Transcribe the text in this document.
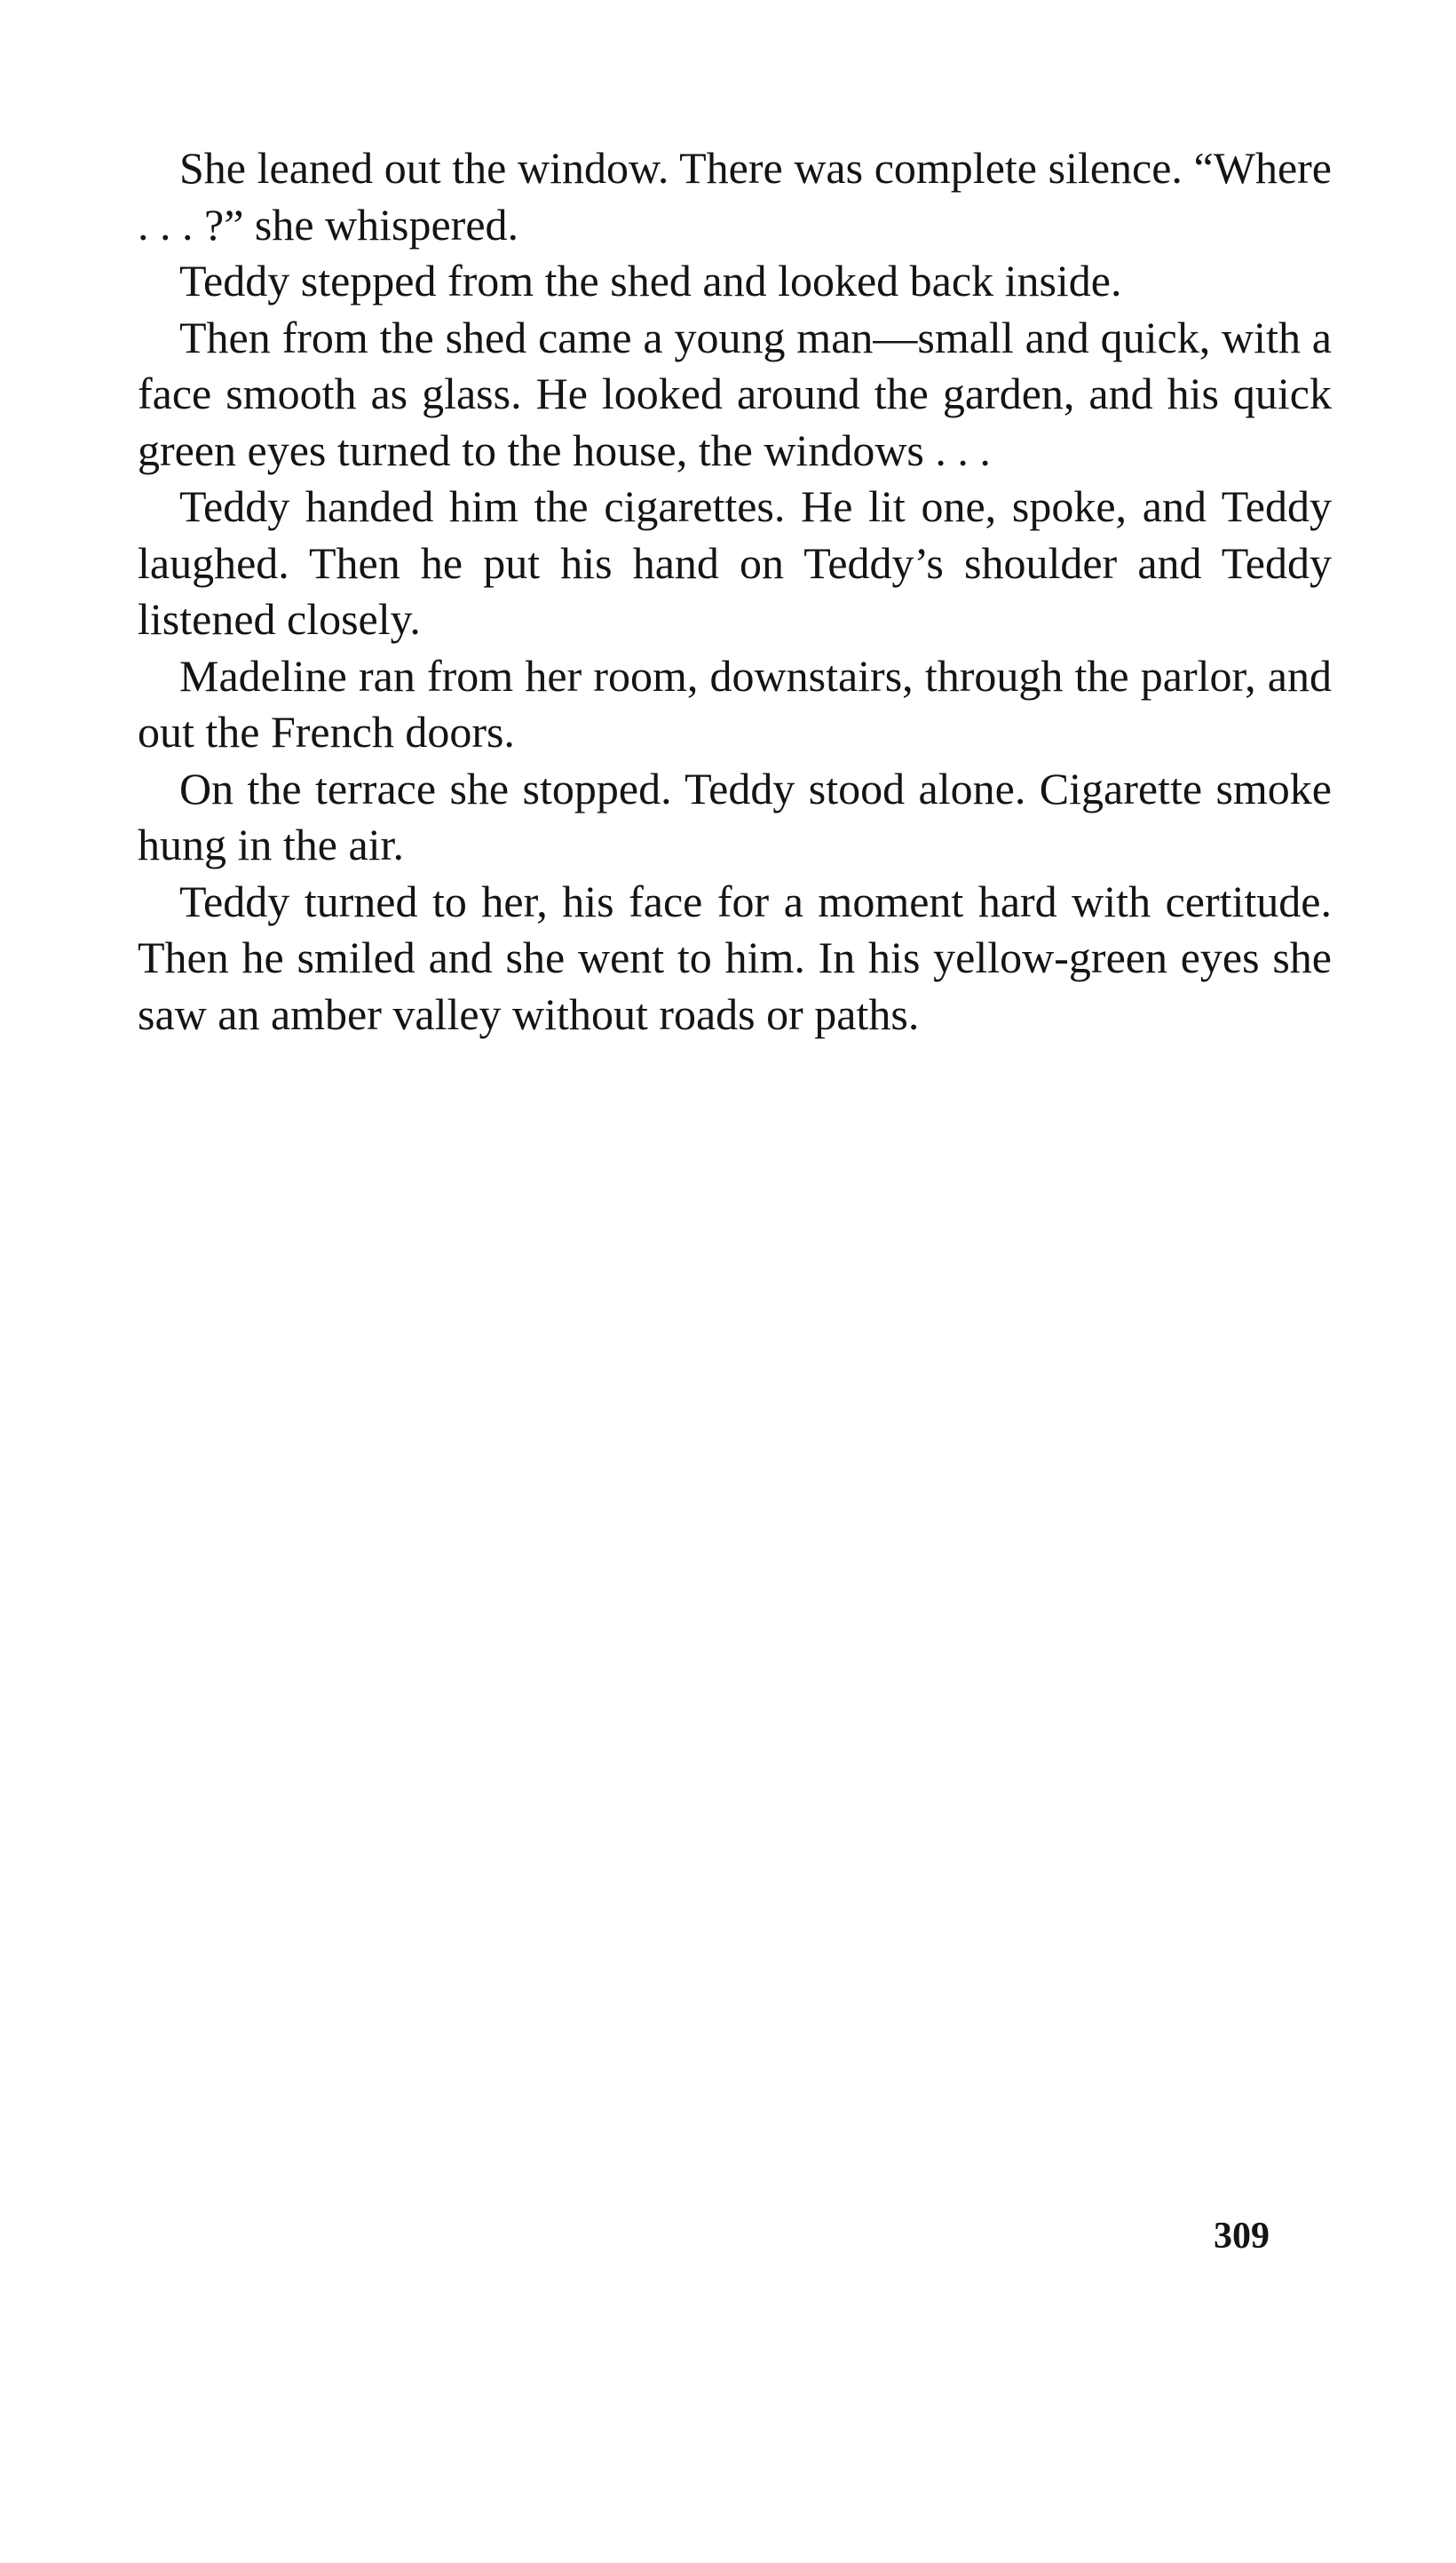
She leaned out the window. There was complete silence. “Where . . . ?” she whispered.

Teddy stepped from the shed and looked back inside.

Then from the shed came a young man—small and quick, with a face smooth as glass. He looked around the garden, and his quick green eyes turned to the house, the windows . . .

Teddy handed him the cigarettes. He lit one, spoke, and Teddy laughed. Then he put his hand on Teddy’s shoulder and Teddy listened closely.

Madeline ran from her room, downstairs, through the parlor, and out the French doors.

On the terrace she stopped. Teddy stood alone. Cigarette smoke hung in the air.

Teddy turned to her, his face for a moment hard with certitude. Then he smiled and she went to him. In his yellow-green eyes she saw an amber valley without roads or paths.

309
